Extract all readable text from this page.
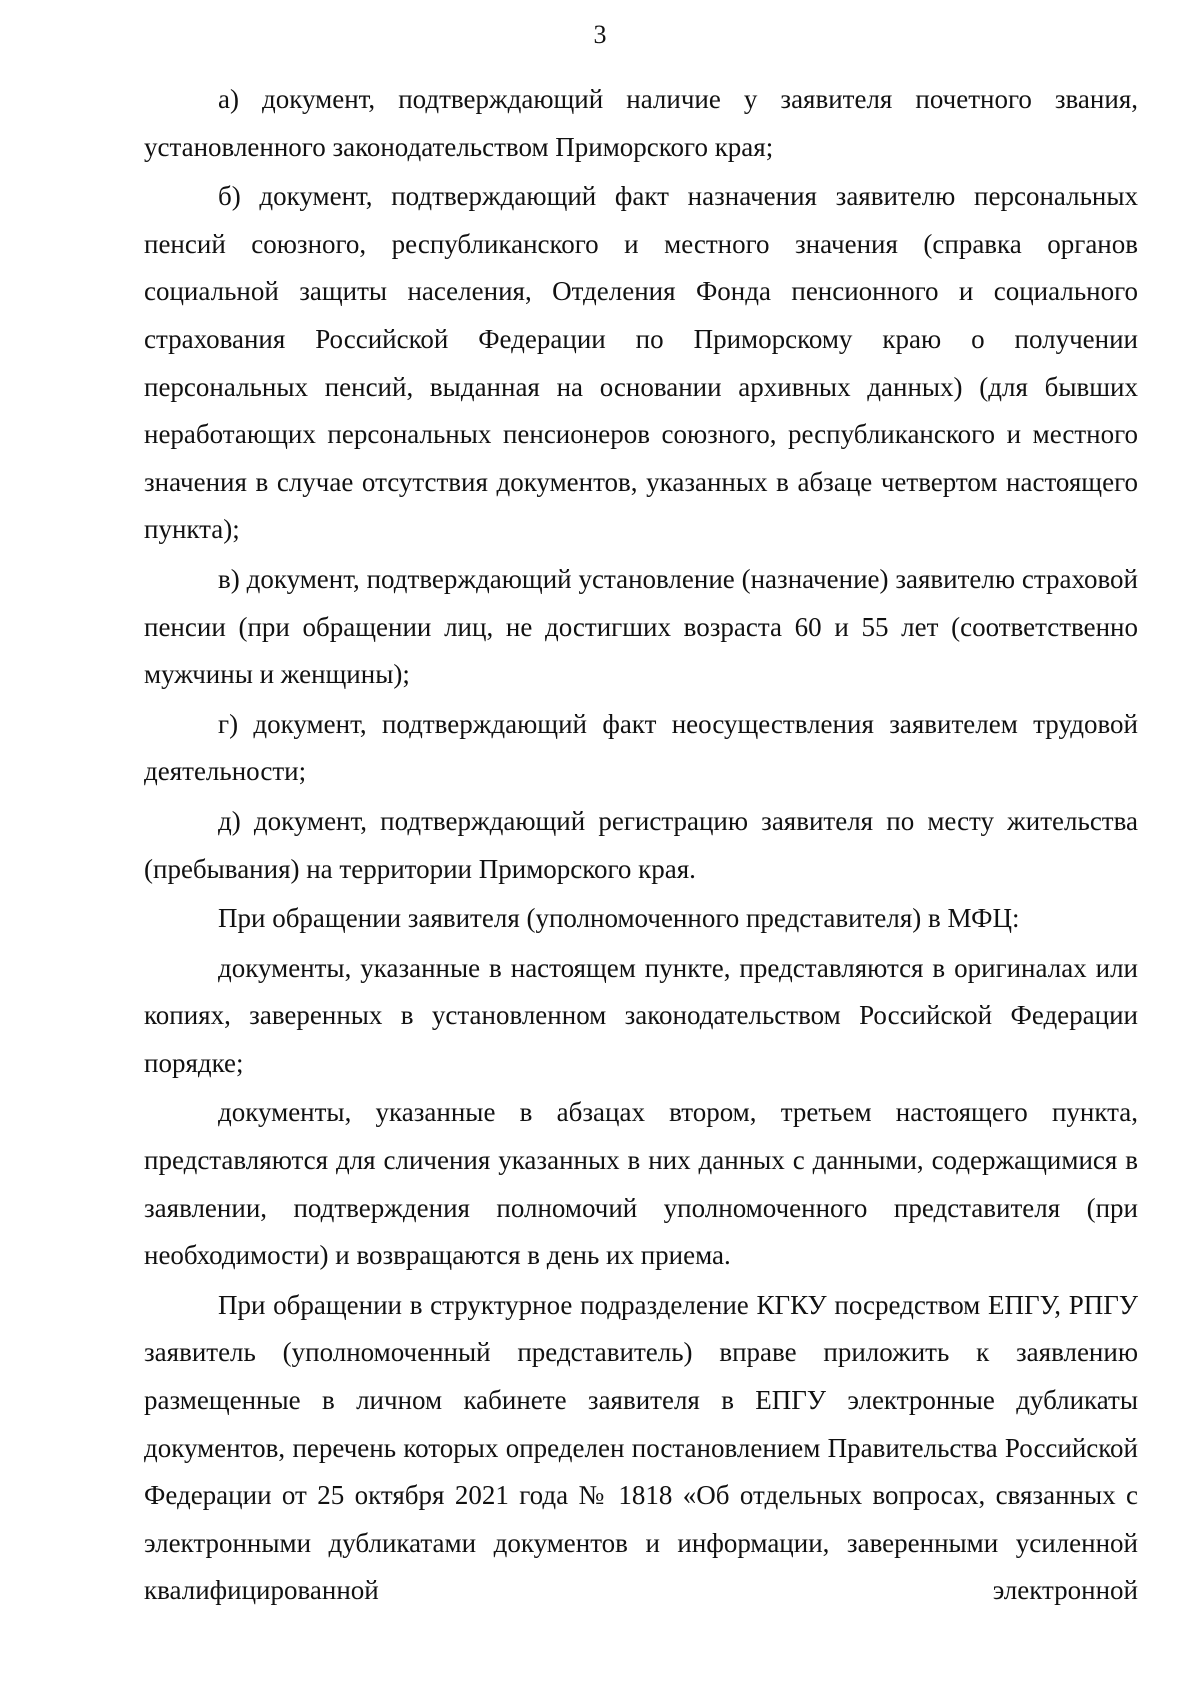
3

а) документ, подтверждающий наличие у заявителя почетного звания, установленного законодательством Приморского края;

б) документ, подтверждающий факт назначения заявителю персональных пенсий союзного, республиканского и местного значения (справка органов социальной защиты населения, Отделения Фонда пенсионного и социального страхования Российской Федерации по Приморскому краю о получении персональных пенсий, выданная на основании архивных данных) (для бывших неработающих персональных пенсионеров союзного, республиканского и местного значения в случае отсутствия документов, указанных в абзаце четвертом настоящего пункта);

в) документ, подтверждающий установление (назначение) заявителю страховой пенсии (при обращении лиц, не достигших возраста 60 и 55 лет (соответственно мужчины и женщины);

г) документ, подтверждающий факт неосуществления заявителем трудовой деятельности;

д) документ, подтверждающий регистрацию заявителя по месту жительства (пребывания) на территории Приморского края.

При обращении заявителя (уполномоченного представителя) в МФЦ:

документы, указанные в настоящем пункте, представляются в оригиналах или копиях, заверенных в установленном законодательством Российской Федерации порядке;

документы, указанные в абзацах втором, третьем настоящего пункта, представляются для сличения указанных в них данных с данными, содержащимися в заявлении, подтверждения полномочий уполномоченного представителя (при необходимости) и возвращаются в день их приема.

При обращении в структурное подразделение КГКУ посредством ЕПГУ, РПГУ заявитель (уполномоченный представитель) вправе приложить к заявлению размещенные в личном кабинете заявителя в ЕПГУ электронные дубликаты документов, перечень которых определен постановлением Правительства Российской Федерации от 25 октября 2021 года № 1818 «Об отдельных вопросах, связанных с электронными дубликатами документов и информации, заверенными усиленной квалифицированной электронной
